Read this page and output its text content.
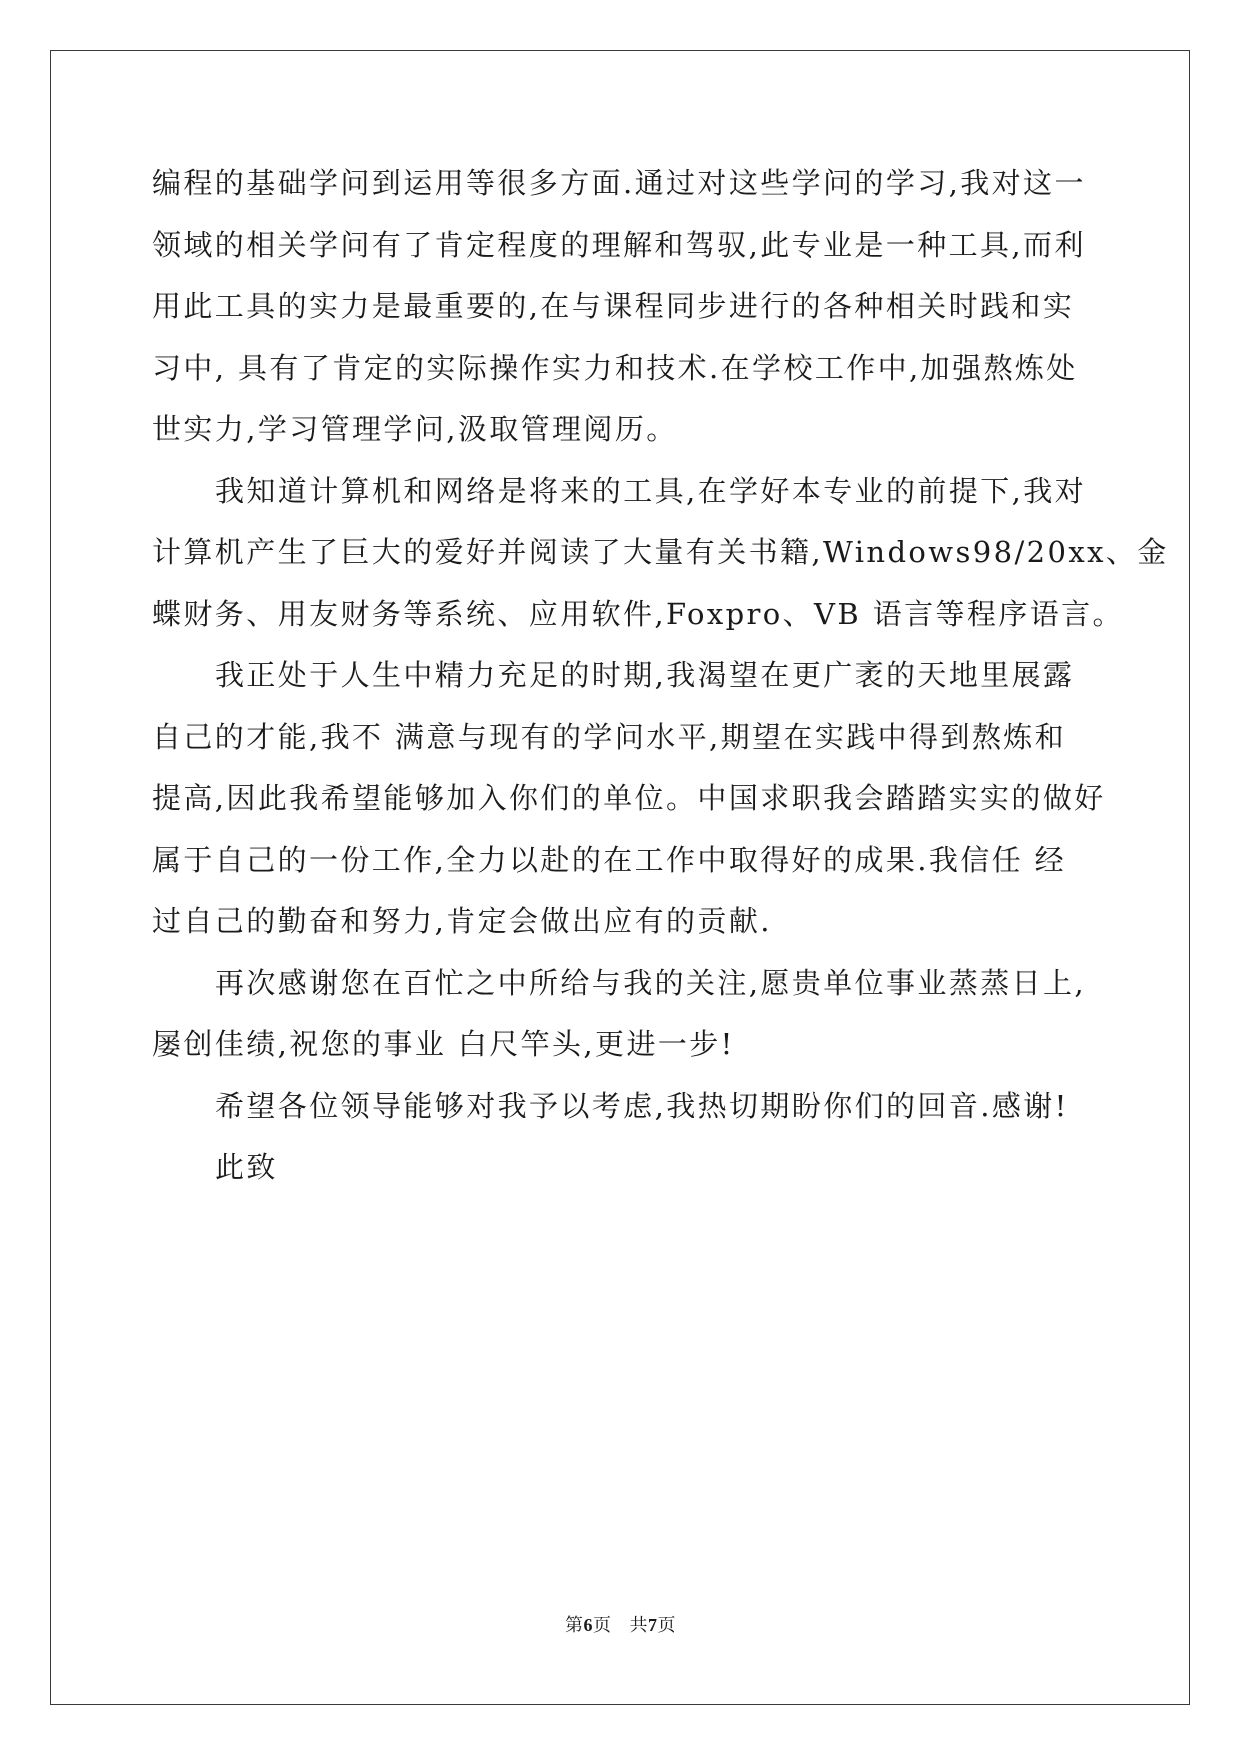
编程的基础学问到运用等很多方面.通过对这些学问的学习,我对这一
领域的相关学问有了肯定程度的理解和驾驭,此专业是一种工具,而利
用此工具的实力是最重要的,在与课程同步进行的各种相关时践和实
习中, 具有了肯定的实际操作实力和技术.在学校工作中,加强熬炼处
世实力,学习管理学问,汲取管理阅历。

我知道计算机和网络是将来的工具,在学好本专业的前提下,我对
计算机产生了巨大的爱好并阅读了大量有关书籍,Windows98/20xx、金
蝶财务、用友财务等系统、应用软件,Foxpro、VB 语言等程序语言。

我正处于人生中精力充足的时期,我渴望在更广袤的天地里展露
自己的才能,我不 满意与现有的学问水平,期望在实践中得到熬炼和
提高,因此我希望能够加入你们的单位。中国求职我会踏踏实实的做好
属于自己的一份工作,全力以赴的在工作中取得好的成果.我信任 经
过自己的勤奋和努力,肯定会做出应有的贡献.

再次感谢您在百忙之中所给与我的关注,愿贵单位事业蒸蒸日上,
屡创佳绩,祝您的事业 白尺竿头,更进一步!

希望各位领导能够对我予以考虑,我热切期盼你们的回音.感谢!

此致

第6页 共7页
